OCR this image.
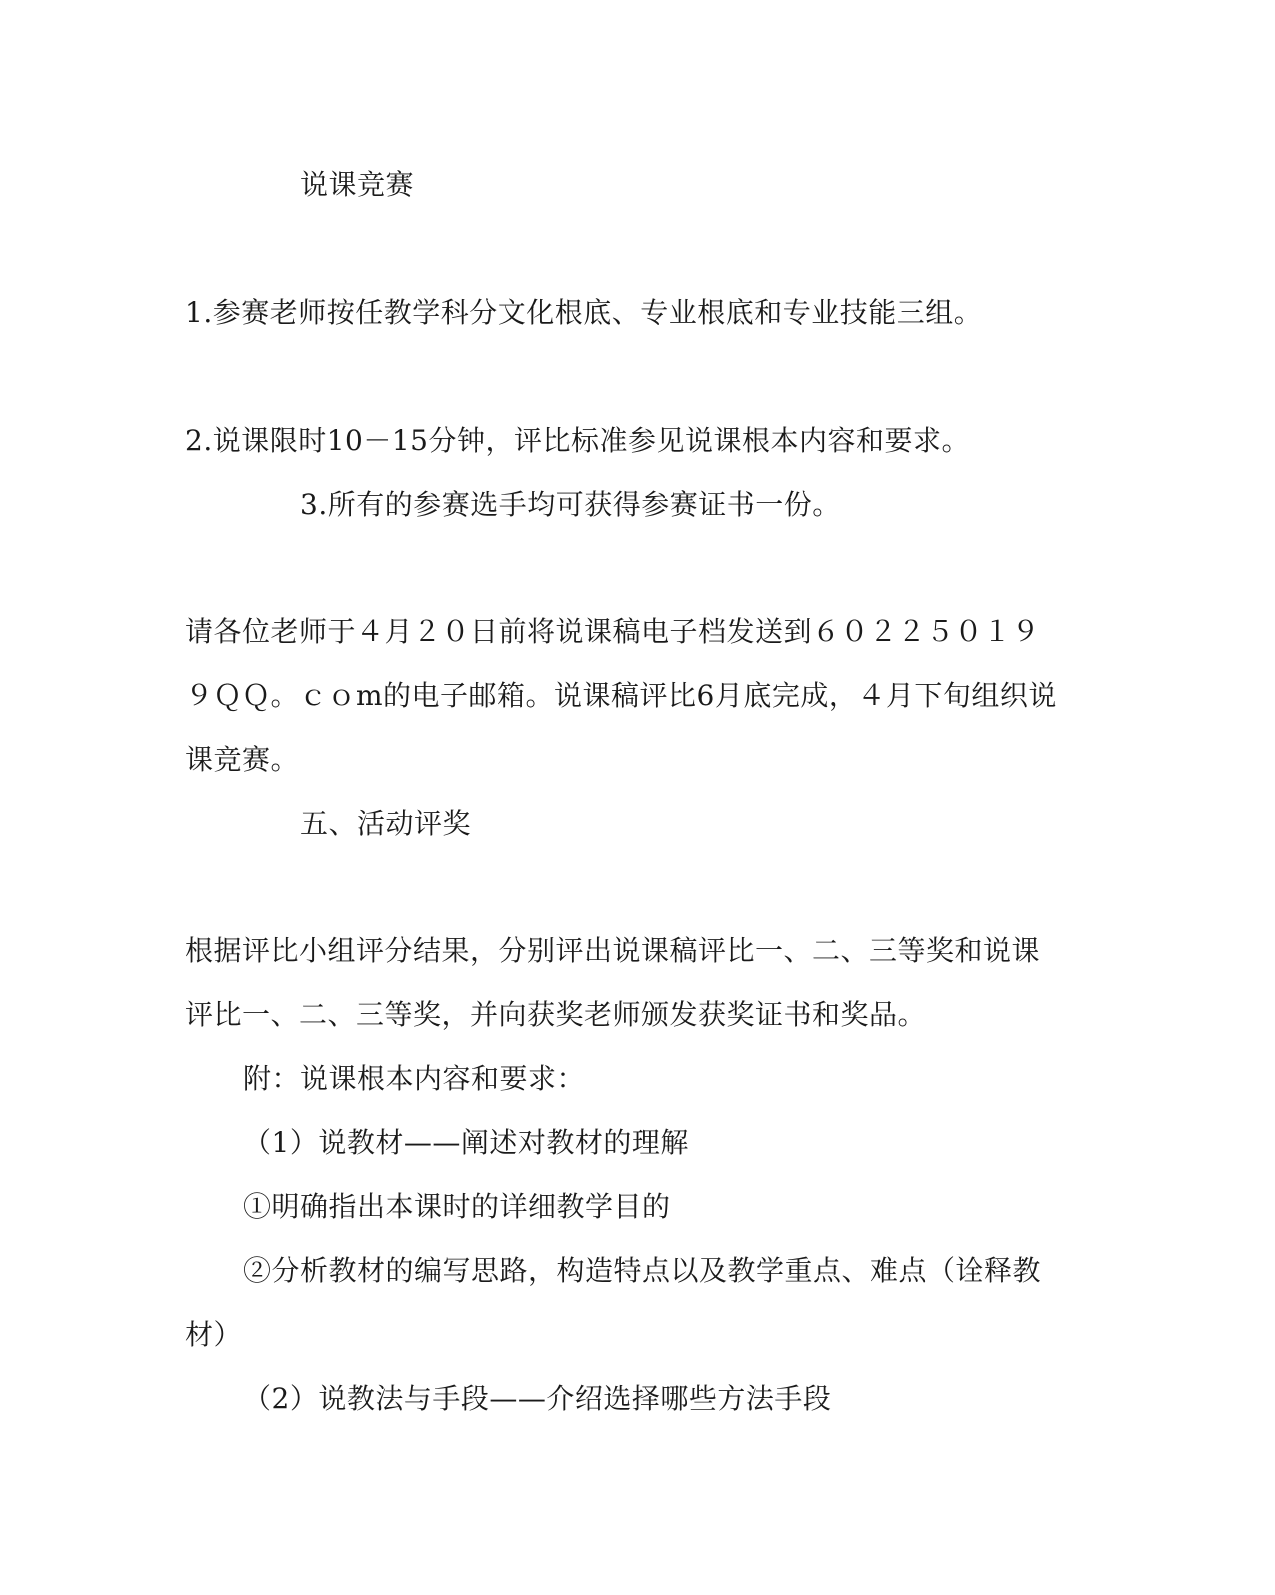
说课竞赛
1.参赛老师按任教学科分文化根底、专业根底和专业技能三组。
2.说课限时10－15分钟，评比标准参见说课根本内容和要求。
3.所有的参赛选手均可获得参赛证书一份。
请各位老师于４月２０日前将说课稿电子档发送到６０２２５０１９
９ＱＱ。ｃｏm的电子邮箱。说课稿评比6月底完成，４月下旬组织说
课竞赛。
五、活动评奖
根据评比小组评分结果，分别评出说课稿评比一、二、三等奖和说课
评比一、二、三等奖，并向获奖老师颁发获奖证书和奖品。
附：说课根本内容和要求：
（1）说教材——阐述对教材的理解
①明确指出本课时的详细教学目的
②分析教材的编写思路，构造特点以及教学重点、难点（诠释教
材）
（2）说教法与手段——介绍选择哪些方法手段
